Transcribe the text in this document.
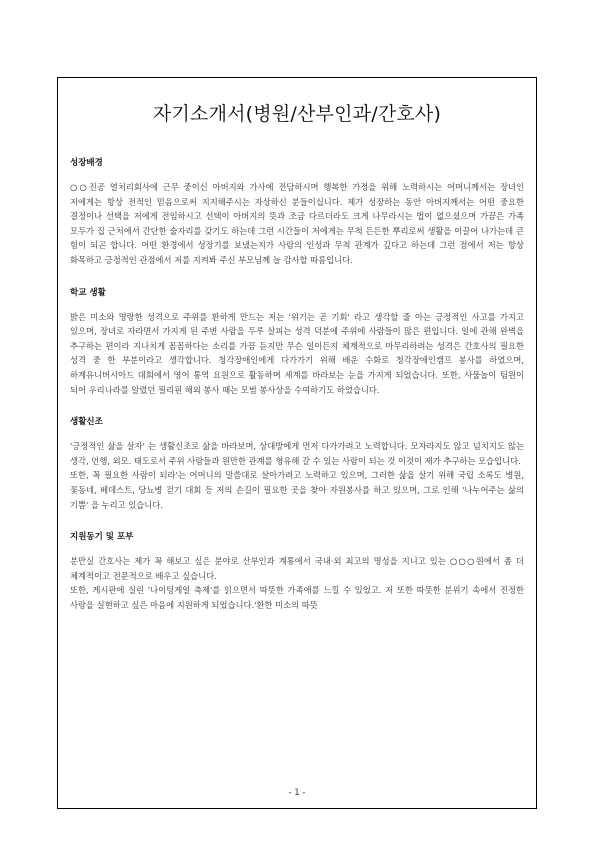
자기소개서(병원/산부인과/간호사)
성장배경

○○진공 열처리회사에 근무 중이신 아버지와 가사에 전담하시며 행복한 가정을 위해 노력하시는 어머니께서는 장녀인 저에게는 항상 전적인 믿음으로써 지지해주시는 자상하신 분들이십니다. 제가 성장하는 동안 아버지께서는 어떤 중요한 결정이나 선택을 저에게 전임하시고 선택이 아버지의 뜻과 조금 다르더라도 크게 나무라시는 법이 없으셨으며 가끔은 가족 모두가 집 근처에서 간단한 술자리를 갖기도 하는데 그런 시간들이 저에게는 무척 든든한 뿌리로써 생활을 이끌어 나가는데 큰 힘이 되곤 합니다. 어떤 환경에서 성장기를 보냈는지가 사람의 인성과 무척 관계가 깊다고 하는데 그런 점에서 저는 항상 화목하고 긍정적인 관점에서 저를 지켜봐 주신 부모님께 늘 감사할 따름입니다.

학교 생활

밝은 미소와 명랑한 성격으로 주위를 환하게 만드는 저는 '위기는 곧 기회' 라고 생각할 줄 아는 긍정적인 사고를 가지고 있으며, 장녀로 자라면서 가지게 된 주변 사람을 두루 살피는 성격 덕분에 주위에 사람들이 많은 편입니다. 일에 관해 완벽을 추구하는 편이라 지나치게 꼼꼼하다는 소리를 가끔 듣지만 무슨 일이든지 체계적으로 마무리하려는 성격은 간호사의 필요한 성격 중 한 부분이라고 생각합니다. 청각장애인에게 다가가기 위해 배운 수화로 청각장애인캠프 봉사를 하였으며, 하계유니버시아드 대회에서 영어 통역 요원으로 활동하며 세계를 바라보는 눈을 가지게 되었습니다. 또한, 사물놀이 팀원이 되어 우리나라를 알렸던 필리핀 해외 봉사 때는 모범 봉사상을 수여하기도 하였습니다.

생활신조

'긍정적인 삶을 살자' 는 생활신조로 삶을 바라보며, 상대방에게 먼저 다가가려고 노력합니다. 모자라지도 않고 넘치지도 않는 생각, 언행, 외모. 태도로서 주위 사람들과 원만한 관계를 형유해 갈 수 있는 사람이 되는 것 이것이 제가 추구하는 모습입니다.

또한, 꼭 필요한 사람이 되라'는 어머니의 말씀대로 살아가려고 노력하고 있으며, 그러한 삶을 살기 위해 국립 소록도 병원, 꽃동네, 베데스트, 당뇨병 걷기 대회 등 저의 손길이 필요한 곳을 찾아 자원봉사를 하고 있으며, 그로 인해 '나누어주는 삶의 기쁨' 을 누리고 있습니다.

지원동기 및 포부

분만실 간호사는 제가 꼭 해보고 싶은 분야로 산부인과 계통에서 국내·외 최고의 명성을 지니고 있는 ○○○원에서 좀 더 체계적이고 전문적으로 배우고 싶습니다.

또한, 게시판에 실린 '나이팅게일 축제'를 읽으면서 따뜻한 가족애를 느낄 수 있었고. 저 또한 따뜻한 분위기 속에서 진정한 사랑을 실현하고 싶은 마음에 지원하게 되었습니다.'환한 미소의 따뜻

- 1 -
